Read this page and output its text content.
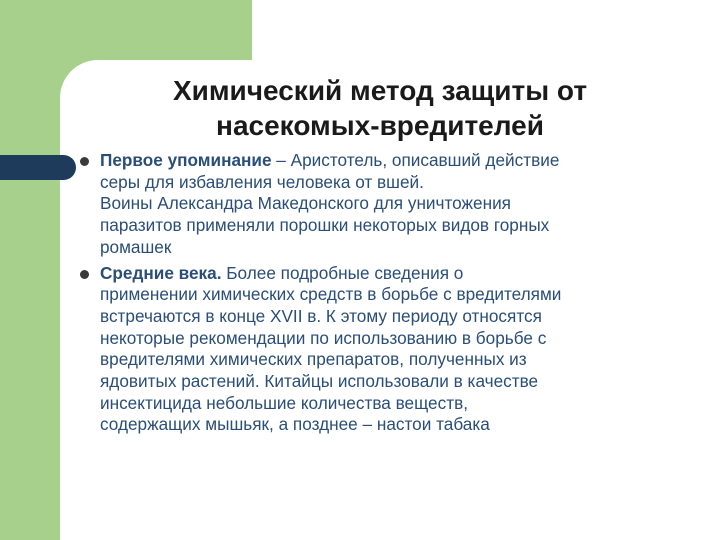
Химический метод защиты от
насекомых-вредителей
Первое упоминание – Аристотель, описавший действие
серы для избавления человека от вшей.
Воины Александра Македонского для уничтожения
паразитов применяли порошки некоторых видов горных
ромашек
Средние века. Более подробные сведения о
применении химических средств в борьбе с вредителями
встречаются в конце XVII в. К этому периоду относятся
некоторые рекомендации по использованию в борьбе с
вредителями химических препаратов, полученных из
ядовитых растений. Китайцы использовали в качестве
инсектицида небольшие количества веществ,
содержащих мышьяк, а позднее – настои табака
